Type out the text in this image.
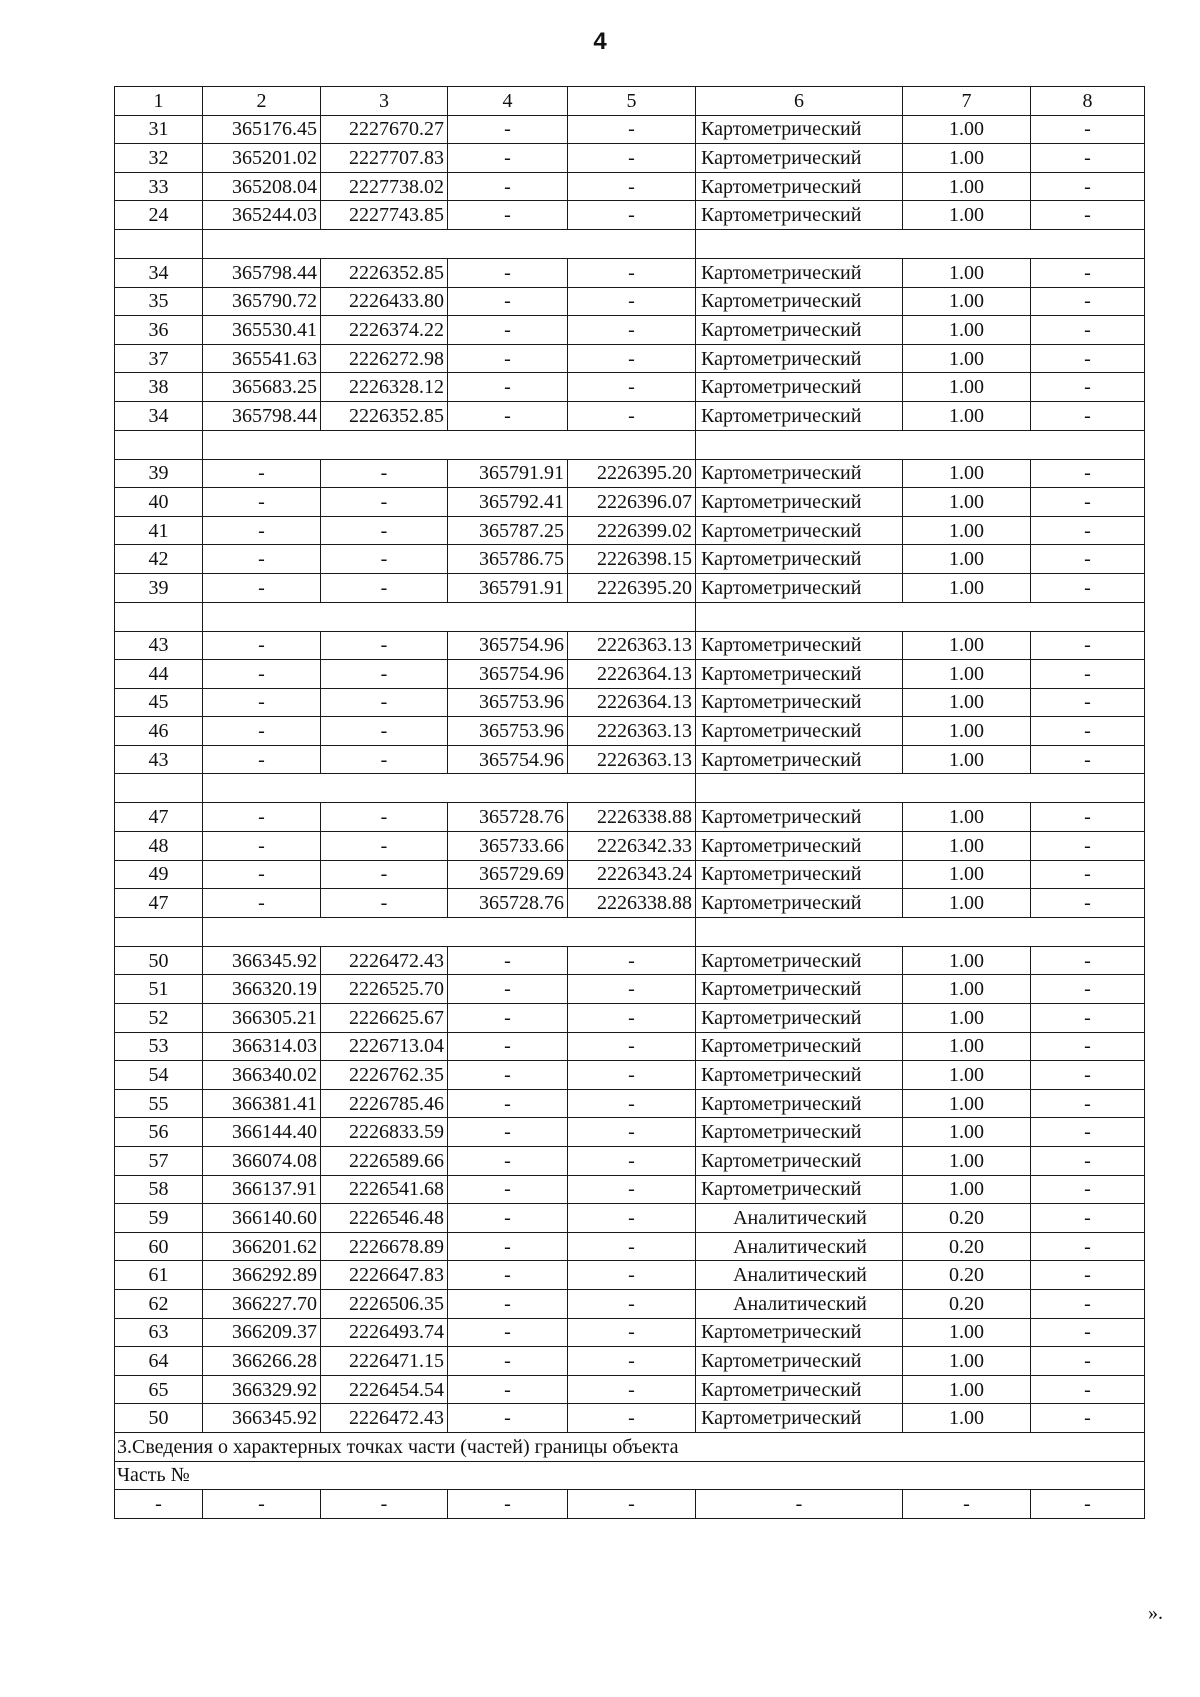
4
1	2	3	4	5	6	7	8
31	365176.45	2227670.27	-	-	Картометрический	1.00	-
32	365201.02	2227707.83	-	-	Картометрический	1.00	-
33	365208.04	2227738.02	-	-	Картометрический	1.00	-
24	365244.03	2227743.85	-	-	Картометрический	1.00	-

34	365798.44	2226352.85	-	-	Картометрический	1.00	-
35	365790.72	2226433.80	-	-	Картометрический	1.00	-
36	365530.41	2226374.22	-	-	Картометрический	1.00	-
37	365541.63	2226272.98	-	-	Картометрический	1.00	-
38	365683.25	2226328.12	-	-	Картометрический	1.00	-
34	365798.44	2226352.85	-	-	Картометрический	1.00	-

39	-	-	365791.91	2226395.20	Картометрический	1.00	-
40	-	-	365792.41	2226396.07	Картометрический	1.00	-
41	-	-	365787.25	2226399.02	Картометрический	1.00	-
42	-	-	365786.75	2226398.15	Картометрический	1.00	-
39	-	-	365791.91	2226395.20	Картометрический	1.00	-

43	-	-	365754.96	2226363.13	Картометрический	1.00	-
44	-	-	365754.96	2226364.13	Картометрический	1.00	-
45	-	-	365753.96	2226364.13	Картометрический	1.00	-
46	-	-	365753.96	2226363.13	Картометрический	1.00	-
43	-	-	365754.96	2226363.13	Картометрический	1.00	-

47	-	-	365728.76	2226338.88	Картометрический	1.00	-
48	-	-	365733.66	2226342.33	Картометрический	1.00	-
49	-	-	365729.69	2226343.24	Картометрический	1.00	-
47	-	-	365728.76	2226338.88	Картометрический	1.00	-

50	366345.92	2226472.43	-	-	Картометрический	1.00	-
51	366320.19	2226525.70	-	-	Картометрический	1.00	-
52	366305.21	2226625.67	-	-	Картометрический	1.00	-
53	366314.03	2226713.04	-	-	Картометрический	1.00	-
54	366340.02	2226762.35	-	-	Картометрический	1.00	-
55	366381.41	2226785.46	-	-	Картометрический	1.00	-
56	366144.40	2226833.59	-	-	Картометрический	1.00	-
57	366074.08	2226589.66	-	-	Картометрический	1.00	-
58	366137.91	2226541.68	-	-	Картометрический	1.00	-
59	366140.60	2226546.48	-	-	Аналитический	0.20	-
60	366201.62	2226678.89	-	-	Аналитический	0.20	-
61	366292.89	2226647.83	-	-	Аналитический	0.20	-
62	366227.70	2226506.35	-	-	Аналитический	0.20	-
63	366209.37	2226493.74	-	-	Картометрический	1.00	-
64	366266.28	2226471.15	-	-	Картометрический	1.00	-
65	366329.92	2226454.54	-	-	Картометрический	1.00	-
50	366345.92	2226472.43	-	-	Картометрический	1.00	-
3.Сведения о характерных точках части (частей) границы объекта							
Часть №							
-	-	-	-	-	-	-	-
».
